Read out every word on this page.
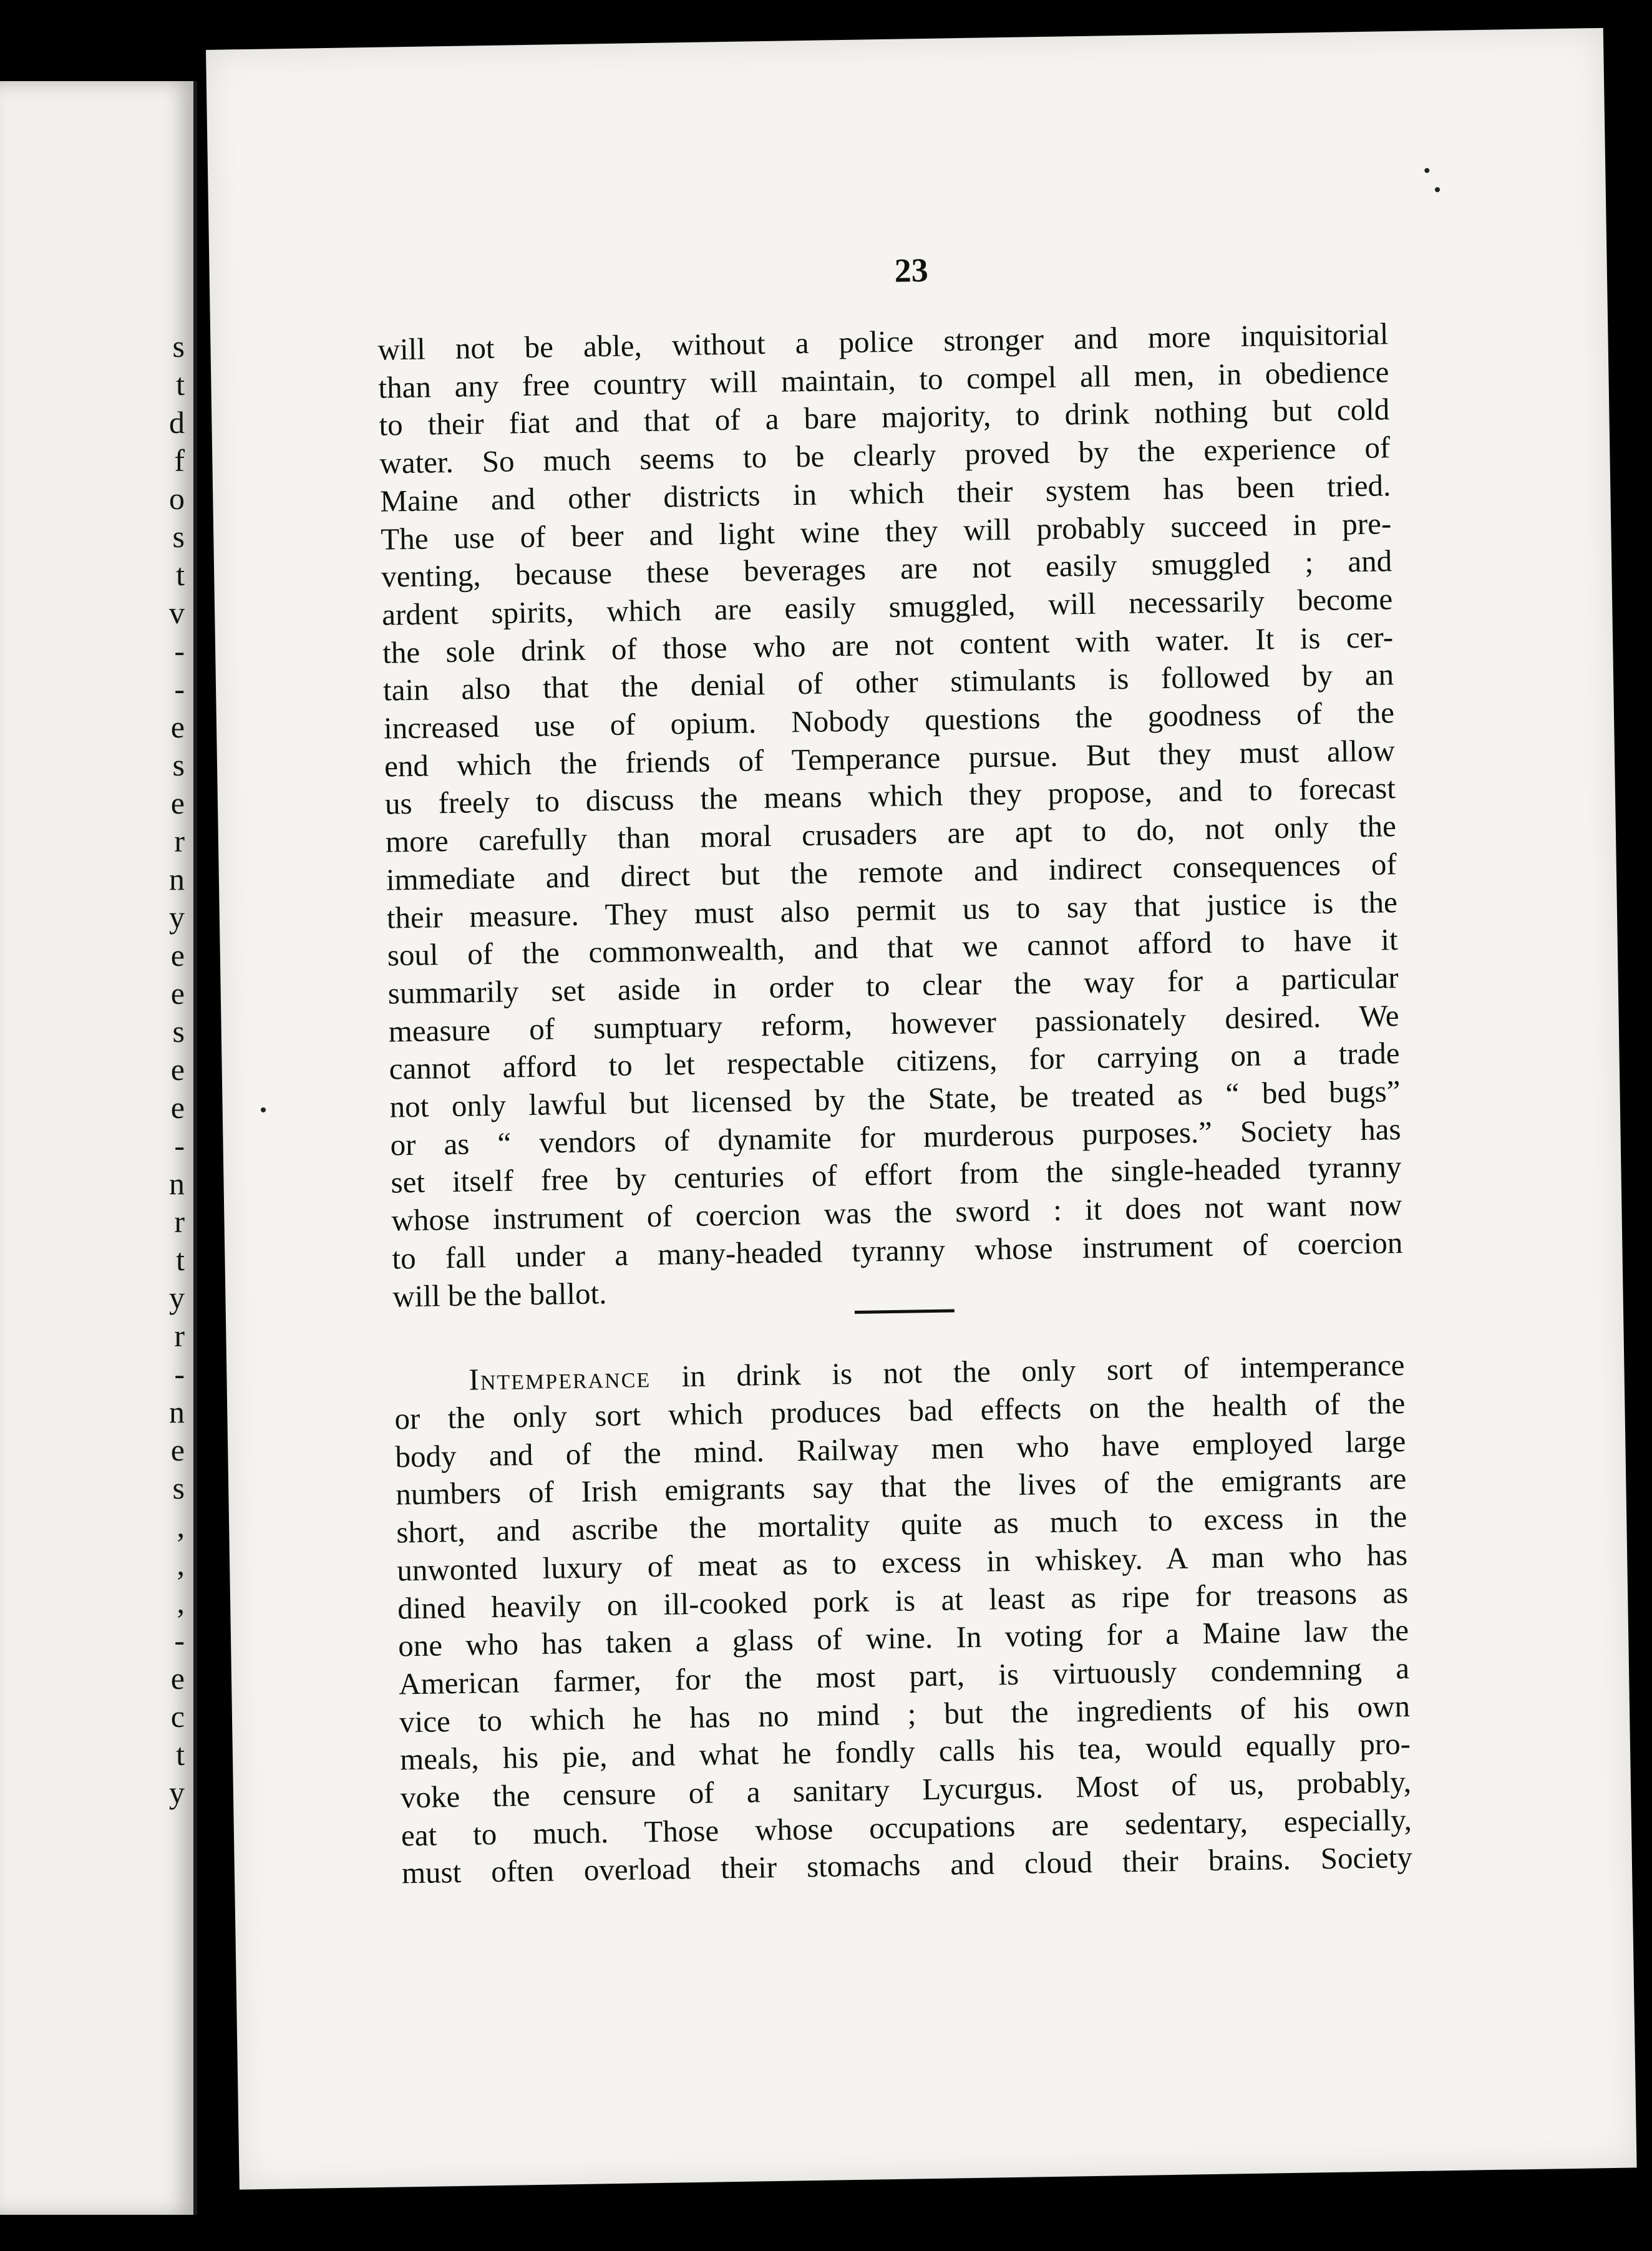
s
t
d
f
o
s
t
v
-
-
e
s
e
r
n
y
e
e
s
e
e
-
n
r
t
y
r
-
n
e
s
,
,
,
-
e
c
t
y
23
will not be able, without a police stronger and more inquisitorial
than any free country will maintain, to compel all men, in obedience
to their fiat and that of a bare majority, to drink nothing but cold
water. So much seems to be clearly proved by the experience of
Maine and other districts in which their system has been tried.
The use of beer and light wine they will probably succeed in pre-
venting, because these beverages are not easily smuggled ; and
ardent spirits, which are easily smuggled, will necessarily become
the sole drink of those who are not content with water. It is cer-
tain also that the denial of other stimulants is followed by an
increased use of opium. Nobody questions the goodness of the
end which the friends of Temperance pursue. But they must allow
us freely to discuss the means which they propose, and to forecast
more carefully than moral crusaders are apt to do, not only the
immediate and direct but the remote and indirect consequences of
their measure. They must also permit us to say that justice is the
soul of the commonwealth, and that we cannot afford to have it
summarily set aside in order to clear the way for a particular
measure of sumptuary reform, however passionately desired. We
cannot afford to let respectable citizens, for carrying on a trade
not only lawful but licensed by the State, be treated as “ bed bugs”
or as “ vendors of dynamite for murderous purposes.” Society has
set itself free by centuries of effort from the single-headed tyranny
whose instrument of coercion was the sword : it does not want now
to fall under a many-headed tyranny whose instrument of coercion
will be the ballot.
Intemperance in drink is not the only sort of intemperance
or the only sort which produces bad effects on the health of the
body and of the mind. Railway men who have employed large
numbers of Irish emigrants say that the lives of the emigrants are
short, and ascribe the mortality quite as much to excess in the
unwonted luxury of meat as to excess in whiskey. A man who has
dined heavily on ill-cooked pork is at least as ripe for treasons as
one who has taken a glass of wine. In voting for a Maine law the
American farmer, for the most part, is virtuously condemning a
vice to which he has no mind ; but the ingredients of his own
meals, his pie, and what he fondly calls his tea, would equally pro-
voke the censure of a sanitary Lycurgus. Most of us, probably,
eat to much. Those whose occupations are sedentary, especially,
must often overload their stomachs and cloud their brains. Society
